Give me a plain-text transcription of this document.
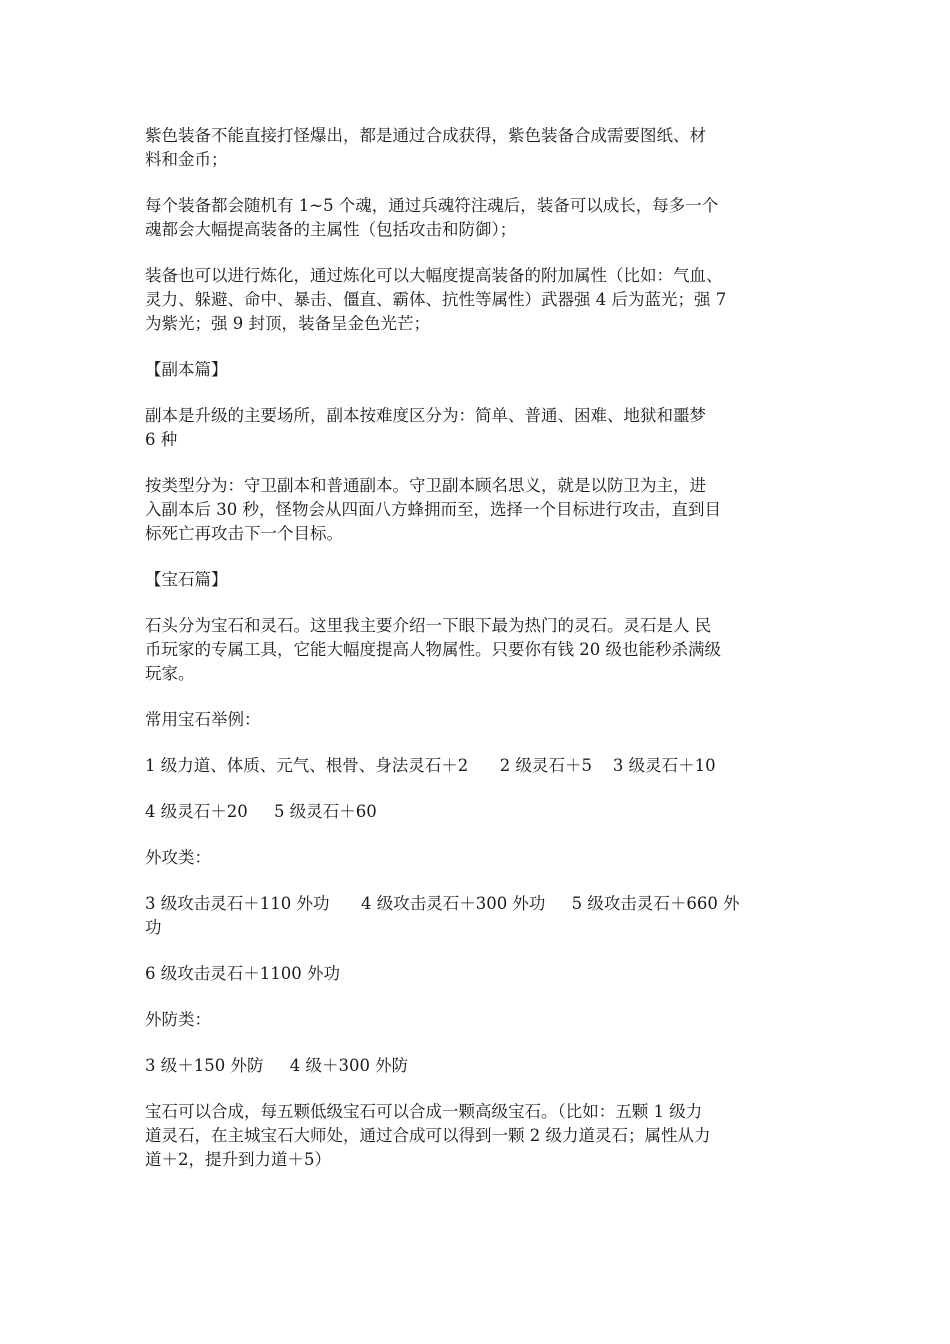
紫色装备不能直接打怪爆出，都是通过合成获得，紫色装备合成需要图纸、材
料和金币；

每个装备都会随机有 1~5 个魂，通过兵魂符注魂后，装备可以成长，每多一个
魂都会大幅提高装备的主属性（包括攻击和防御）；

装备也可以进行炼化，通过炼化可以大幅度提高装备的附加属性（比如：气血、
灵力、躲避、命中、暴击、僵直、霸体、抗性等属性）武器强 4 后为蓝光；强 7
为紫光；强 9 封顶，装备呈金色光芒；

【副本篇】

副本是升级的主要场所，副本按难度区分为：简单、普通、困难、地狱和噩梦
6 种

按类型分为：守卫副本和普通副本。守卫副本顾名思义，就是以防卫为主，进
入副本后 30 秒，怪物会从四面八方蜂拥而至，选择一个目标进行攻击，直到目
标死亡再攻击下一个目标。

【宝石篇】

石头分为宝石和灵石。这里我主要介绍一下眼下最为热门的灵石。灵石是人 民
币玩家的专属工具，它能大幅度提高人物属性。只要你有钱 20 级也能秒杀满级
玩家。

常用宝石举例：

1 级力道、体质、元气、根骨、身法灵石＋2      2 级灵石＋5    3 级灵石＋10

4 级灵石＋20     5 级灵石＋60

外攻类：

3 级攻击灵石＋110 外功      4 级攻击灵石＋300 外功     5 级攻击灵石＋660 外
功

6 级攻击灵石＋1100 外功

外防类：

3 级＋150 外防     4 级＋300 外防

宝石可以合成，每五颗低级宝石可以合成一颗高级宝石。（比如：五颗 1 级力
道灵石，在主城宝石大师处，通过合成可以得到一颗 2 级力道灵石；属性从力
道＋2，提升到力道＋5）
